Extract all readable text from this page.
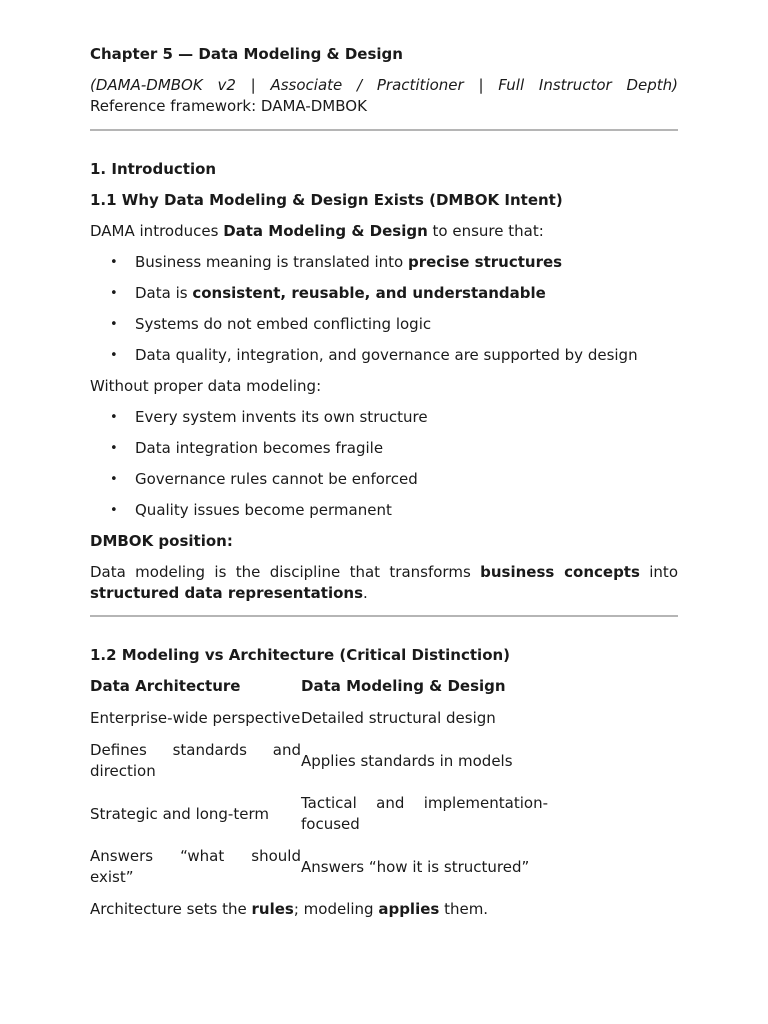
Chapter 5 — Data Modeling & Design

(DAMA-DMBOK v2 | Associate / Practitioner | Full Instructor Depth)

Reference framework: DAMA-DMBOK

1. Introduction

1.1 Why Data Modeling & Design Exists (DMBOK Intent)

DAMA introduces Data Modeling & Design to ensure that:

• Business meaning is translated into precise structures
• Data is consistent, reusable, and understandable
• Systems do not embed conflicting logic
• Data quality, integration, and governance are supported by design

Without proper data modeling:

• Every system invents its own structure
• Data integration becomes fragile
• Governance rules cannot be enforced
• Quality issues become permanent

DMBOK position:

Data modeling is the discipline that transforms business concepts into structured data representations.

1.2 Modeling vs Architecture (Critical Distinction)

Data Architecture	Data Modeling & Design
Enterprise-wide perspective	Detailed structural design
Defines standards and direction	Applies standards in models
Strategic and long-term	Tactical and implementation-focused
Answers “what should exist”	Answers “how it is structured”

Architecture sets the rules; modeling applies them.
